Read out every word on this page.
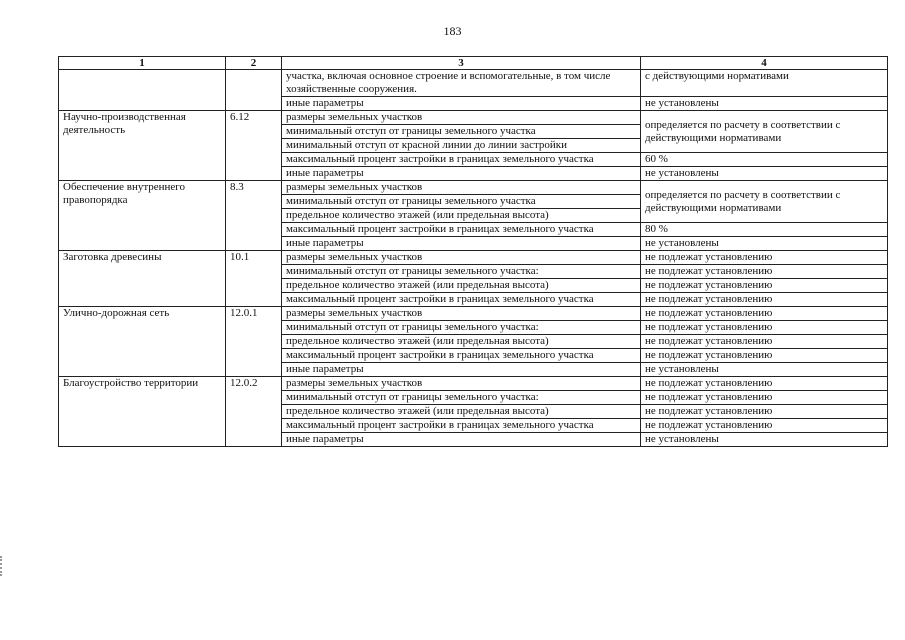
183
1	2	3	4
		участка, включая основное строение и вспомогательные, в том числе хозяйственные сооружения.	с действующими нормативами
		иные параметры	не установлены
Научно-производственная деятельность	6.12	размеры земельных участков	определяется по расчету в соответствии с действующими нормативами
		минимальный отступ от границы земельного участка	
		минимальный отступ от красной линии до линии застройки	
		максимальный процент застройки в границах земельного участка	60 %
		иные параметры	не установлены
Обеспечение внутреннего правопорядка	8.3	размеры земельных участков	определяется по расчету в соответствии с действующими нормативами
		минимальный отступ от границы земельного участка	
		предельное количество этажей (или предельная высота)	
		максимальный процент застройки в границах земельного участка	80 %
		иные параметры	не установлены
Заготовка древесины	10.1	размеры земельных участков	не подлежат установлению
		минимальный отступ от границы земельного участка:	не подлежат установлению
		предельное количество этажей (или предельная высота)	не подлежат установлению
		максимальный процент застройки в границах земельного участка	не подлежат установлению
Улично-дорожная сеть	12.0.1	размеры земельных участков	не подлежат установлению
		минимальный отступ от границы земельного участка:	не подлежат установлению
		предельное количество этажей (или предельная высота)	не подлежат установлению
		максимальный процент застройки в границах земельного участка	не подлежат установлению
		иные параметры	не установлены
Благоустройство территории	12.0.2	размеры земельных участков	не подлежат установлению
		минимальный отступ от границы земельного участка:	не подлежат установлению
		предельное количество этажей (или предельная высота)	не подлежат установлению
		максимальный процент застройки в границах земельного участка	не подлежат установлению
		иные параметры	не установлены
